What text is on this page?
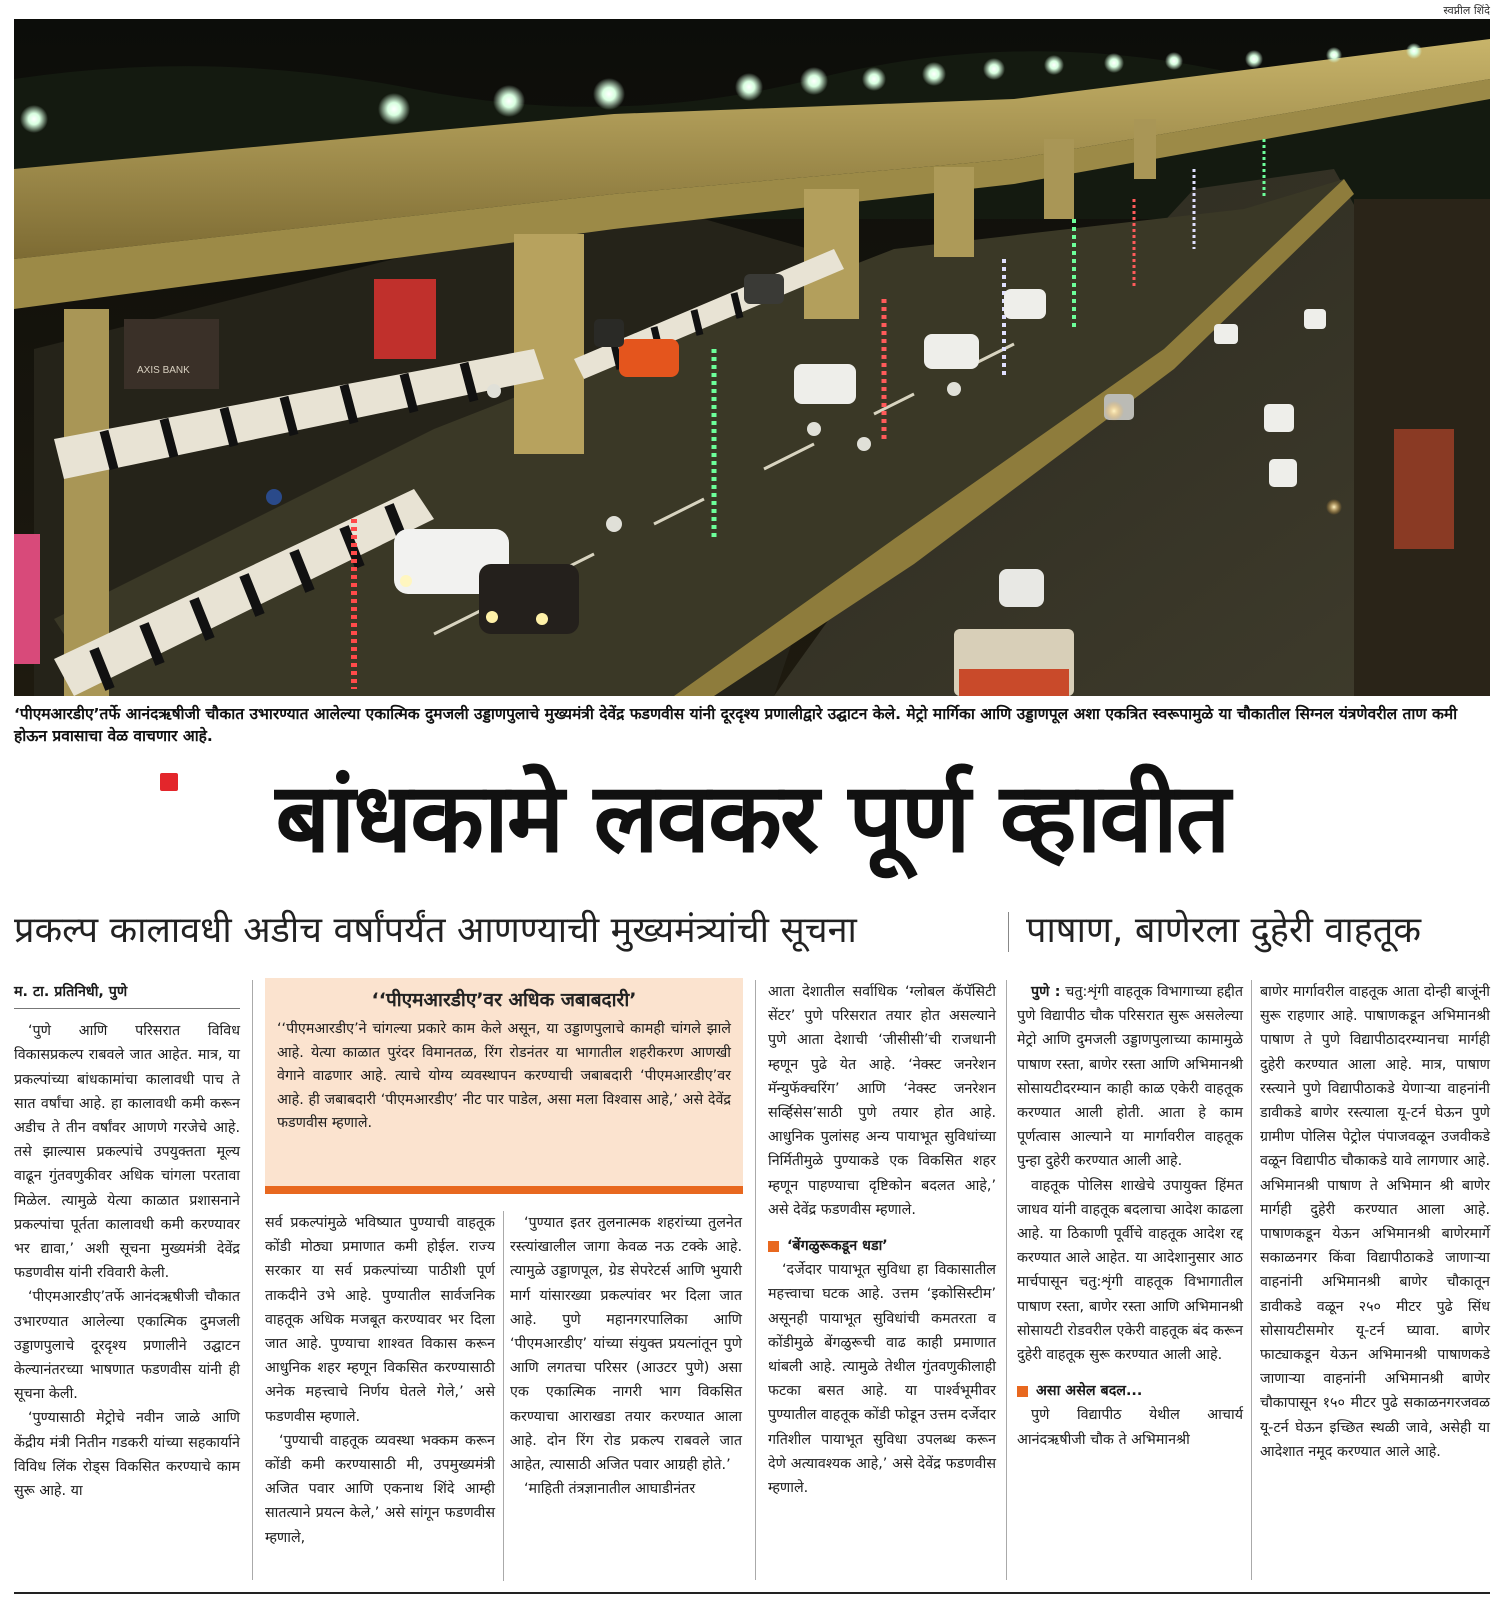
स्वप्नील शिंदे
AXIS BANK
‘पीएमआरडीए’तर्फे आनंदऋषीजी चौकात उभारण्यात आलेल्या एकात्मिक दुमजली उड्डाणपुलाचे मुख्यमंत्री देवेंद्र फडणवीस यांनी दूरदृश्य प्रणालीद्वारे उद्घाटन केले. मेट्रो मार्गिका आणि उड्डाणपूल अशा एकत्रित स्वरूपामुळे या चौकातील सिग्नल यंत्रणेवरील ताण कमी होऊन प्रवासाचा वेळ वाचणार आहे.
बांधकामे लवकर पूर्ण व्हावीत
प्रकल्प कालावधी अडीच वर्षांपर्यंत आणण्याची मुख्यमंत्र्यांची सूचना	पाषाण, बाणेरला दुहेरी वाहतूक

म. टा. प्रतिनिधी, पुणे

‘पुणे आणि परिसरात विविध विकासप्रकल्प राबवले जात आहेत. मात्र, या प्रकल्पांच्या बांधकामांचा कालावधी पाच ते सात वर्षांचा आहे. हा कालावधी कमी करून अडीच ते तीन वर्षांवर आणणे गरजेचे आहे. तसे झाल्यास प्रकल्पांचे उपयुक्तता मूल्य वाढून गुंतवणुकीवर अधिक चांगला परतावा मिळेल. त्यामुळे येत्या काळात प्रशासनाने प्रकल्पांचा पूर्तता कालावधी कमी करण्यावर भर द्यावा,’ अशी सूचना मुख्यमंत्री देवेंद्र फडणवीस यांनी रविवारी केली.

‘पीएमआरडीए’तर्फे आनंदऋषीजी चौकात उभारण्यात आलेल्या एकात्मिक दुमजली उड्डाणपुलाचे दूरदृश्य प्रणालीने उद्घाटन केल्यानंतरच्या भाषणात फडणवीस यांनी ही सूचना केली.

‘पुण्यासाठी मेट्रोचे नवीन जाळे आणि केंद्रीय मंत्री नितीन गडकरी यांच्या सहकार्याने विविध लिंक रोड्स विकसित करण्याचे काम सुरू आहे. या

‘‘पीएमआरडीए’वर अधिक जबाबदारी’

‘‘पीएमआरडीए’ने चांगल्या प्रकारे काम केले असून, या उड्डाणपुलाचे कामही चांगले झाले आहे. येत्या काळात पुरंदर विमानतळ, रिंग रोडनंतर या भागातील शहरीकरण आणखी वेगाने वाढणार आहे. त्याचे योग्य व्यवस्थापन करण्याची जबाबदारी ‘पीएमआरडीए’वर आहे. ही जबाबदारी ‘पीएमआरडीए’ नीट पार पाडेल, असा मला विश्वास आहे,’ असे देवेंद्र फडणवीस म्हणाले.

सर्व प्रकल्पांमुळे भविष्यात पुण्याची वाहतूक कोंडी मोठ्या प्रमाणात कमी होईल. राज्य सरकार या सर्व प्रकल्पांच्या पाठीशी पूर्ण ताकदीने उभे आहे. पुण्यातील सार्वजनिक वाहतूक अधिक मजबूत करण्यावर भर दिला जात आहे. पुण्याचा शाश्वत विकास करून आधुनिक शहर म्हणून विकसित करण्यासाठी अनेक महत्त्वाचे निर्णय घेतले गेले,’ असे फडणवीस म्हणाले.

‘पुण्याची वाहतूक व्यवस्था भक्कम करून कोंडी कमी करण्यासाठी मी, उपमुख्यमंत्री अजित पवार आणि एकनाथ शिंदे आम्ही सातत्याने प्रयत्न केले,’ असे सांगून फडणवीस म्हणाले,

‘पुण्यात इतर तुलनात्मक शहरांच्या तुलनेत रस्त्यांखालील जागा केवळ नऊ टक्के आहे. त्यामुळे उड्डाणपूल, ग्रेड सेपरेटर्स आणि भुयारी मार्ग यांसारख्या प्रकल्पांवर भर दिला जात आहे. पुणे महानगरपालिका आणि ‘पीएमआरडीए’ यांच्या संयुक्त प्रयत्नांतून पुणे आणि लगतचा परिसर (आउटर पुणे) असा एक एकात्मिक नागरी भाग विकसित करण्याचा आराखडा तयार करण्यात आला आहे. दोन रिंग रोड प्रकल्प राबवले जात आहेत, त्यासाठी अजित पवार आग्रही होते.’

‘माहिती तंत्रज्ञानातील आघाडीनंतर

आता देशातील सर्वाधिक ‘ग्लोबल कॅपॅसिटी सेंटर’ पुणे परिसरात तयार होत असल्याने पुणे आता देशाची ‘जीसीसी’ची राजधानी म्हणून पुढे येत आहे. ‘नेक्स्ट जनरेशन मॅन्युफॅक्चरिंग’ आणि ‘नेक्स्ट जनरेशन सर्व्हिसेस’साठी पुणे तयार होत आहे. आधुनिक पुलांसह अन्य पायाभूत सुविधांच्या निर्मितीमुळे पुण्याकडे एक विकसित शहर म्हणून पाहण्याचा दृष्टिकोन बदलत आहे,’ असे देवेंद्र फडणवीस म्हणाले.

‘बेंगळुरूकडून धडा’

‘दर्जेदार पायाभूत सुविधा हा विकासातील महत्त्वाचा घटक आहे. उत्तम ‘इकोसिस्टीम’ असूनही पायाभूत सुविधांची कमतरता व कोंडीमुळे बेंगळुरूची वाढ काही प्रमाणात थांबली आहे. त्यामुळे तेथील गुंतवणुकीलाही फटका बसत आहे. या पार्श्वभूमीवर पुण्यातील वाहतूक कोंडी फोडून उत्तम दर्जेदार गतिशील पायाभूत सुविधा उपलब्ध करून देणे अत्यावश्यक आहे,’ असे देवेंद्र फडणवीस म्हणाले.

पुणे : चतु:शृंगी वाहतूक विभागाच्या हद्दीत पुणे विद्यापीठ चौक परिसरात सुरू असलेल्या मेट्रो आणि दुमजली उड्डाणपुलाच्या कामामुळे पाषाण रस्ता, बाणेर रस्ता आणि अभिमानश्री सोसायटीदरम्यान काही काळ एकेरी वाहतूक करण्यात आली होती. आता हे काम पूर्णत्वास आल्याने या मार्गावरील वाहतूक पुन्हा दुहेरी करण्यात आली आहे.

वाहतूक पोलिस शाखेचे उपायुक्त हिंमत जाधव यांनी वाहतूक बदलाचा आदेश काढला आहे. या ठिकाणी पूर्वीचे वाहतूक आदेश रद्द करण्यात आले आहेत. या आदेशानुसार आठ मार्चपासून चतु:शृंगी वाहतूक विभागातील पाषाण रस्ता, बाणेर रस्ता आणि अभिमानश्री सोसायटी रोडवरील एकेरी वाहतूक बंद करून दुहेरी वाहतूक सुरू करण्यात आली आहे.

असा असेल बदल...

पुणे विद्यापीठ येथील आचार्य आनंदऋषीजी चौक ते अभिमानश्री

बाणेर मार्गावरील वाहतूक आता दोन्ही बाजूंनी सुरू राहणार आहे. पाषाणकडून अभिमानश्री पाषाण ते पुणे विद्यापीठादरम्यानचा मार्गही दुहेरी करण्यात आला आहे. मात्र, पाषाण रस्त्याने पुणे विद्यापीठाकडे येणाऱ्या वाहनांनी डावीकडे बाणेर रस्त्याला यू-टर्न घेऊन पुणे ग्रामीण पोलिस पेट्रोल पंपाजवळून उजवीकडे वळून विद्यापीठ चौकाकडे यावे लागणार आहे. अभिमानश्री पाषाण ते अभिमान श्री बाणेर मार्गही दुहेरी करण्यात आला आहे. पाषाणकडून येऊन अभिमानश्री बाणेरमार्गे सकाळनगर किंवा विद्यापीठाकडे जाणाऱ्या वाहनांनी अभिमानश्री बाणेर चौकातून डावीकडे वळून २५० मीटर पुढे सिंध सोसायटीसमोर यू-टर्न घ्यावा. बाणेर फाट्याकडून येऊन अभिमानश्री पाषाणकडे जाणाऱ्या वाहनांनी अभिमानश्री बाणेर चौकापासून १५० मीटर पुढे सकाळनगरजवळ यू-टर्न घेऊन इच्छित स्थळी जावे, असेही या आदेशात नमूद करण्यात आले आहे.
